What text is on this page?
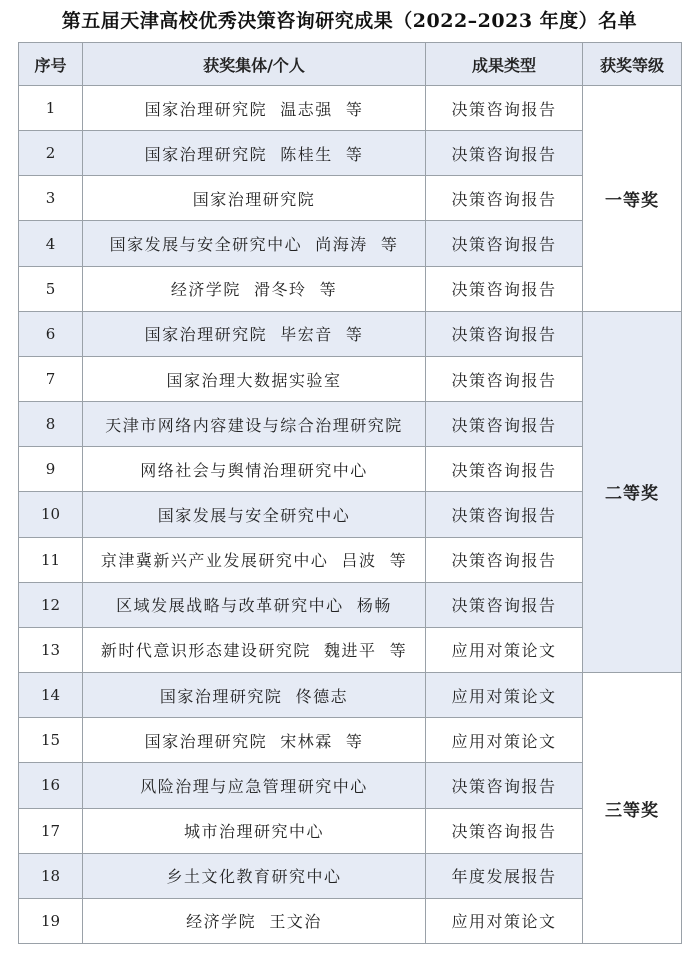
第五届天津高校优秀决策咨询研究成果（2022–2023 年度）名单
序号	获奖集体/个人	成果类型	获奖等级
1	国家治理研究院  温志强  等	决策咨询报告	一等奖
2	国家治理研究院  陈桂生  等	决策咨询报告	
3	国家治理研究院	决策咨询报告	
4	国家发展与安全研究中心  尚海涛  等	决策咨询报告	
5	经济学院  滑冬玲  等	决策咨询报告	
6	国家治理研究院  毕宏音  等	决策咨询报告	二等奖
7	国家治理大数据实验室	决策咨询报告	
8	天津市网络内容建设与综合治理研究院	决策咨询报告	
9	网络社会与舆情治理研究中心	决策咨询报告	
10	国家发展与安全研究中心	决策咨询报告	
11	京津冀新兴产业发展研究中心  吕波  等	决策咨询报告	
12	区域发展战略与改革研究中心  杨畅	决策咨询报告	
13	新时代意识形态建设研究院  魏进平  等	应用对策论文	
14	国家治理研究院  佟德志	应用对策论文	三等奖
15	国家治理研究院  宋林霖  等	应用对策论文	
16	风险治理与应急管理研究中心	决策咨询报告	
17	城市治理研究中心	决策咨询报告	
18	乡土文化教育研究中心	年度发展报告	
19	经济学院  王文治	应用对策论文	
